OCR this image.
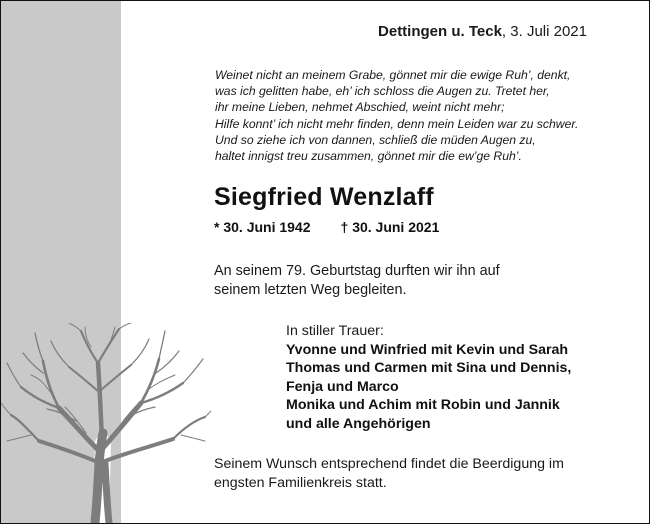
Dettingen u. Teck, 3. Juli 2021
Weinet nicht an meinem Grabe, gönnet mir die ewige Ruh’, denkt,
was ich gelitten habe, eh’ ich schloss die Augen zu. Tretet her,
ihr meine Lieben, nehmet Abschied, weint nicht mehr;
Hilfe konnt’ ich nicht mehr finden, denn mein Leiden war zu schwer.
Und so ziehe ich von dannen, schließ die müden Augen zu,
haltet innigst treu zusammen, gönnet mir die ew’ge Ruh’.
Siegfried Wenzlaff
* 30. Juni 1942 † 30. Juni 2021
An seinem 79. Geburtstag durften wir ihn auf
seinem letzten Weg begleiten.
In stiller Trauer:
Yvonne und Winfried mit Kevin und Sarah
Thomas und Carmen mit Sina und Dennis,
Fenja und Marco
Monika und Achim mit Robin und Jannik
und alle Angehörigen
Seinem Wunsch entsprechend findet die Beerdigung im
engsten Familienkreis statt.
